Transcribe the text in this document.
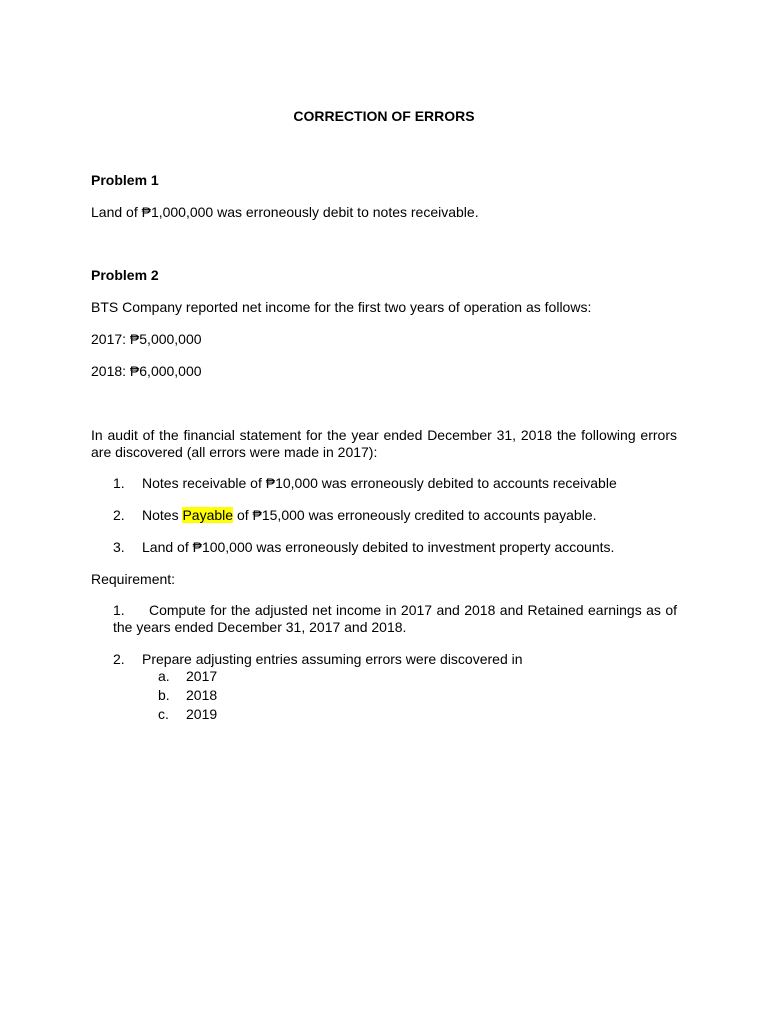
CORRECTION OF ERRORS

Problem 1

Land of ₱1,000,000 was erroneously debit to notes receivable.

Problem 2

BTS Company reported net income for the first two years of operation as follows:

2017: ₱5,000,000

2018: ₱6,000,000

In audit of the financial statement for the year ended December 31, 2018 the following errors are discovered (all errors were made in 2017):

1. Notes receivable of ₱10,000 was erroneously debited to accounts receivable
2. Notes Payable of ₱15,000 was erroneously credited to accounts payable.
3. Land of ₱100,000 was erroneously debited to investment property accounts.

Requirement:

1. Compute for the adjusted net income in 2017 and 2018 and Retained earnings as of the years ended December 31, 2017 and 2018.
2. Prepare adjusting entries assuming errors were discovered in
a. 2017
b. 2018
c. 2019
